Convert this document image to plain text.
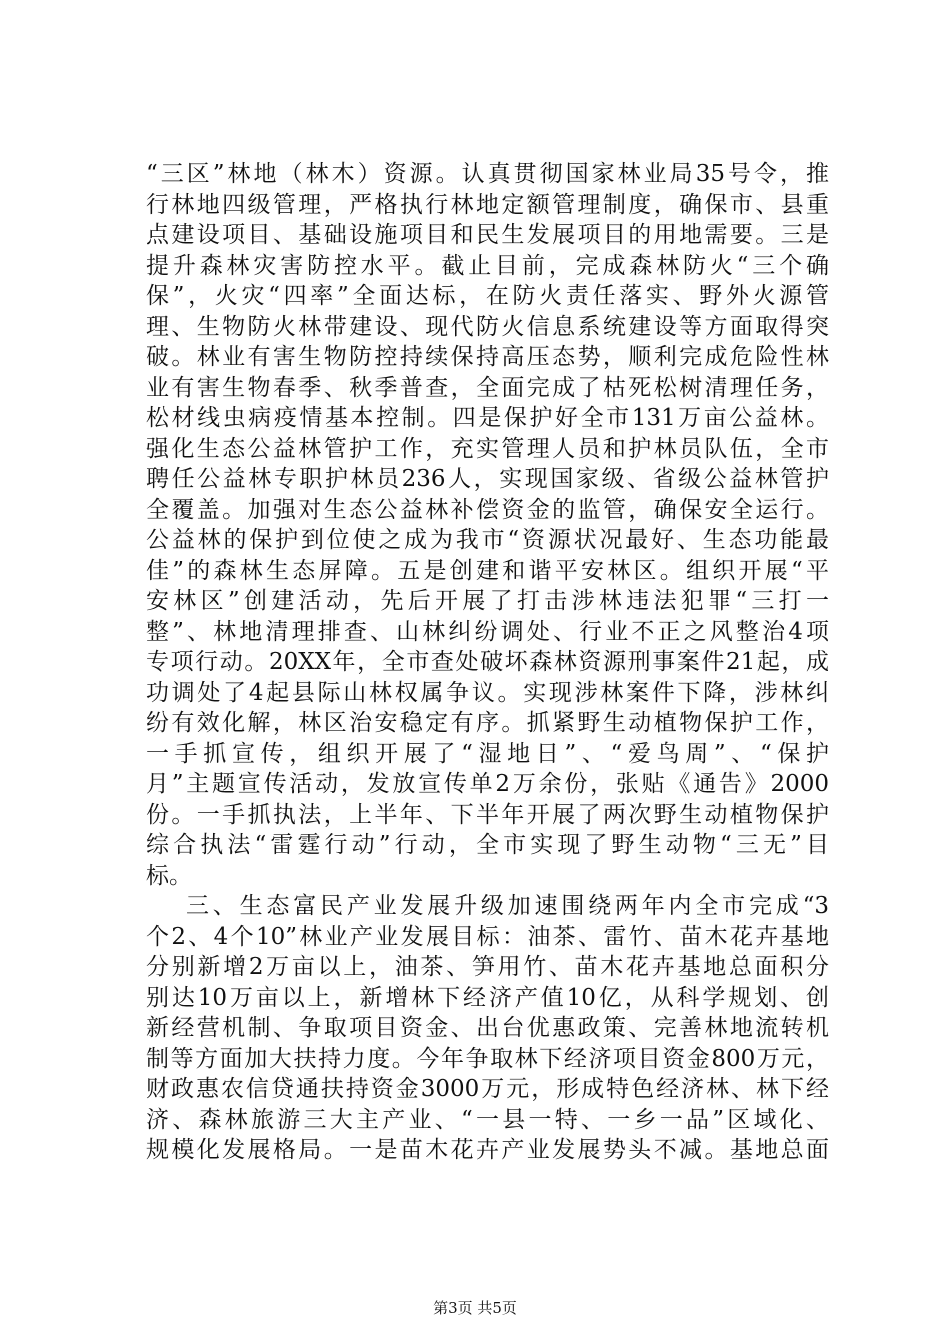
“三区”林地（林木）资源。认真贯彻国家林业局35号令，推
行林地四级管理，严格执行林地定额管理制度，确保市、县重
点建设项目、基础设施项目和民生发展项目的用地需要。三是
提升森林灾害防控水平。截止目前，完成森林防火“三个确
保”，火灾“四率”全面达标，在防火责任落实、野外火源管
理、生物防火林带建设、现代防火信息系统建设等方面取得突
破。林业有害生物防控持续保持高压态势，顺利完成危险性林
业有害生物春季、秋季普查，全面完成了枯死松树清理任务，
松材线虫病疫情基本控制。四是保护好全市131万亩公益林。
强化生态公益林管护工作，充实管理人员和护林员队伍，全市
聘任公益林专职护林员236人，实现国家级、省级公益林管护
全覆盖。加强对生态公益林补偿资金的监管，确保安全运行。
公益林的保护到位使之成为我市“资源状况最好、生态功能最
佳”的森林生态屏障。五是创建和谐平安林区。组织开展“平
安林区”创建活动，先后开展了打击涉林违法犯罪“三打一
整”、林地清理排查、山林纠纷调处、行业不正之风整治4项
专项行动。20XX年，全市查处破坏森林资源刑事案件21起，成
功调处了4起县际山林权属争议。实现涉林案件下降，涉林纠
纷有效化解，林区治安稳定有序。抓紧野生动植物保护工作，
一手抓宣传，组织开展了“湿地日”、“爱鸟周”、“保护
月”主题宣传活动，发放宣传单2万余份，张贴《通告》2000
份。一手抓执法，上半年、下半年开展了两次野生动植物保护
综合执法“雷霆行动”行动，全市实现了野生动物“三无”目
标。
三、生态富民产业发展升级加速围绕两年内全市完成“3
个2、4个10”林业产业发展目标：油茶、雷竹、苗木花卉基地
分别新增2万亩以上，油茶、笋用竹、苗木花卉基地总面积分
别达10万亩以上，新增林下经济产值10亿，从科学规划、创
新经营机制、争取项目资金、出台优惠政策、完善林地流转机
制等方面加大扶持力度。今年争取林下经济项目资金800万元，
财政惠农信贷通扶持资金3000万元，形成特色经济林、林下经
济、森林旅游三大主产业、“一县一特、一乡一品”区域化、
规模化发展格局。一是苗木花卉产业发展势头不减。基地总面
第3页 共5页
